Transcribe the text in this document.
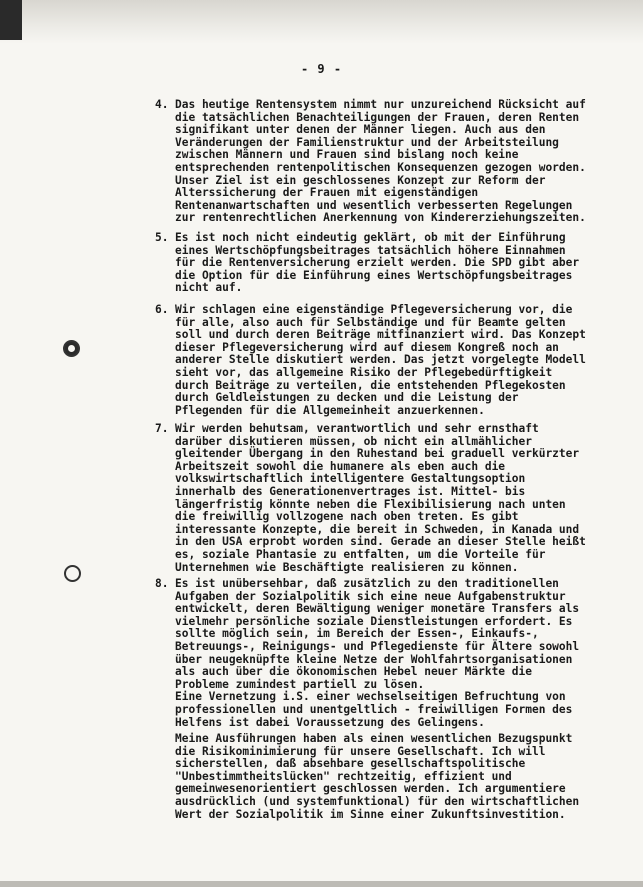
- 9 -

4.

Das heutige Rentensystem nimmt nur unzureichend Rücksicht auf
die tatsächlichen Benachteiligungen der Frauen, deren Renten
signifikant unter denen der Männer liegen. Auch aus den
Veränderungen der Familienstruktur und der Arbeitsteilung
zwischen Männern und Frauen sind bislang noch keine
entsprechenden rentenpolitischen Konsequenzen gezogen worden.
Unser Ziel ist ein geschlossenes Konzept zur Reform der
Alterssicherung der Frauen mit eigenständigen
Rentenanwartschaften und wesentlich verbesserten Regelungen
zur rentenrechtlichen Anerkennung von Kindererziehungszeiten.

5.

Es ist noch nicht eindeutig geklärt, ob mit der Einführung
eines Wertschöpfungsbeitrages tatsächlich höhere Einnahmen
für die Rentenversicherung erzielt werden. Die SPD gibt aber
die Option für die Einführung eines Wertschöpfungsbeitrages
nicht auf.

6.

Wir schlagen eine eigenständige Pflegeversicherung vor, die
für alle, also auch für Selbständige und für Beamte gelten
soll und durch deren Beiträge mitfinanziert wird. Das Konzept
dieser Pflegeversicherung wird auf diesem Kongreß noch an
anderer Stelle diskutiert werden. Das jetzt vorgelegte Modell
sieht vor, das allgemeine Risiko der Pflegebedürftigkeit
durch Beiträge zu verteilen, die entstehenden Pflegekosten
durch Geldleistungen zu decken und die Leistung der
Pflegenden für die Allgemeinheit anzuerkennen.

7.

Wir werden behutsam, verantwortlich und sehr ernsthaft
darüber diskutieren müssen, ob nicht ein allmählicher
gleitender Übergang in den Ruhestand bei graduell verkürzter
Arbeitszeit sowohl die humanere als eben auch die
volkswirtschaftlich intelligentere Gestaltungsoption
innerhalb des Generationenvertrages ist. Mittel- bis
längerfristig könnte neben die Flexibilisierung nach unten
die freiwillig vollzogene nach oben treten. Es gibt
interessante Konzepte, die bereit in Schweden, in Kanada und
in den USA erprobt worden sind. Gerade an dieser Stelle heißt
es, soziale Phantasie zu entfalten, um die Vorteile für
Unternehmen wie Beschäftigte realisieren zu können.

8.

Es ist unübersehbar, daß zusätzlich zu den traditionellen
Aufgaben der Sozialpolitik sich eine neue Aufgabenstruktur
entwickelt, deren Bewältigung weniger monetäre Transfers als
vielmehr persönliche soziale Dienstleistungen erfordert. Es
sollte möglich sein, im Bereich der Essen-, Einkaufs-,
Betreuungs-, Reinigungs- und Pflegedienste für Ältere sowohl
über neugeknüpfte kleine Netze der Wohlfahrtsorganisationen
als auch über die ökonomischen Hebel neuer Märkte die
Probleme zumindest partiell zu lösen.
Eine Vernetzung i.S. einer wechselseitigen Befruchtung von
professionellen und unentgeltlich - freiwilligen Formen des
Helfens ist dabei Voraussetzung des Gelingens.

Meine Ausführungen haben als einen wesentlichen Bezugspunkt
die Risikominimierung für unsere Gesellschaft. Ich will
sicherstellen, daß absehbare gesellschaftspolitische
"Unbestimmtheitslücken" rechtzeitig, effizient und
gemeinwesenorientiert geschlossen werden. Ich argumentiere
ausdrücklich (und systemfunktional) für den wirtschaftlichen
Wert der Sozialpolitik im Sinne einer Zukunftsinvestition.
